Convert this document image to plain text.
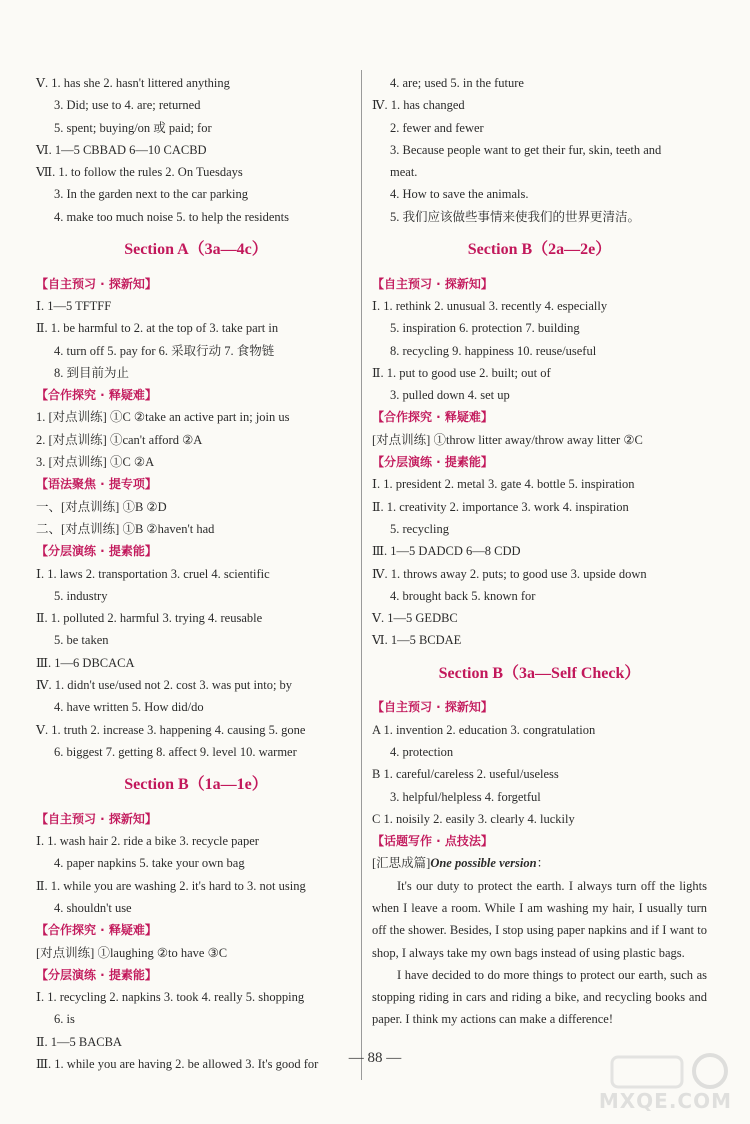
Ⅴ. 1. has she 2. hasn't littered anything
3. Did; use to 4. are; returned
5. spent; buying/on 或 paid; for
Ⅵ. 1—5 CBBAD 6—10 CACBD
Ⅶ. 1. to follow the rules 2. On Tuesdays
3. In the garden next to the car parking
4. make too much noise 5. to help the residents
Section A（3a—4c）
【自主预习 · 探新知】
Ⅰ. 1—5 TFTFF
Ⅱ. 1. be harmful to 2. at the top of 3. take part in
4. turn off 5. pay for 6. 采取行动 7. 食物链
8. 到目前为止
【合作探究 · 释疑难】
1. [对点训练] ①C ②take an active part in; join us
2. [对点训练] ①can't afford ②A
3. [对点训练] ①C ②A
【语法聚焦 · 提专项】
一、[对点训练] ①B ②D
二、[对点训练] ①B ②haven't had
【分层演练 · 提素能】
Ⅰ. 1. laws 2. transportation 3. cruel 4. scientific
5. industry
Ⅱ. 1. polluted 2. harmful 3. trying 4. reusable
5. be taken
Ⅲ. 1—6 DBCACA
Ⅳ. 1. didn't use/used not 2. cost 3. was put into; by
4. have written 5. How did/do
Ⅴ. 1. truth 2. increase 3. happening 4. causing 5. gone
6. biggest 7. getting 8. affect 9. level 10. warmer
Section B（1a—1e）
【自主预习 · 探新知】
Ⅰ. 1. wash hair 2. ride a bike 3. recycle paper
4. paper napkins 5. take your own bag
Ⅱ. 1. while you are washing 2. it's hard to 3. not using
4. shouldn't use
【合作探究 · 释疑难】
[对点训练] ①laughing ②to have ③C
【分层演练 · 提素能】
Ⅰ. 1. recycling 2. napkins 3. took 4. really 5. shopping
6. is
Ⅱ. 1—5 BACBA
Ⅲ. 1. while you are having 2. be allowed 3. It's good for
4. are; used 5. in the future
Ⅳ. 1. has changed
2. fewer and fewer
3. Because people want to get their fur, skin, teeth and
meat.
4. How to save the animals.
5. 我们应该做些事情来使我们的世界更清洁。
Section B（2a—2e）
【自主预习 · 探新知】
Ⅰ. 1. rethink 2. unusual 3. recently 4. especially
5. inspiration 6. protection 7. building
8. recycling 9. happiness 10. reuse/useful
Ⅱ. 1. put to good use 2. built; out of
3. pulled down 4. set up
【合作探究 · 释疑难】
[对点训练] ①throw litter away/throw away litter ②C
【分层演练 · 提素能】
Ⅰ. 1. president 2. metal 3. gate 4. bottle 5. inspiration
Ⅱ. 1. creativity 2. importance 3. work 4. inspiration
5. recycling
Ⅲ. 1—5 DADCD 6—8 CDD
Ⅳ. 1. throws away 2. puts; to good use 3. upside down
4. brought back 5. known for
Ⅴ. 1—5 GEDBC
Ⅵ. 1—5 BCDAE
Section B（3a—Self Check）
【自主预习 · 探新知】
A 1. invention 2. education 3. congratulation
4. protection
B 1. careful/careless 2. useful/useless
3. helpful/helpless 4. forgetful
C 1. noisily 2. easily 3. clearly 4. luckily
【话题写作 · 点技法】

[汇思成篇]One possible version：

It's our duty to protect the earth. I always turn off the lights when I leave a room. While I am washing my hair, I usually turn off the shower. Besides, I stop using paper napkins and if I want to shop, I always take my own bags instead of using plastic bags.

I have decided to do more things to protect our earth, such as stopping riding in cars and riding a bike, and recycling books and paper. I think my actions can make a difference!

— 88 —
MXQE.COM
